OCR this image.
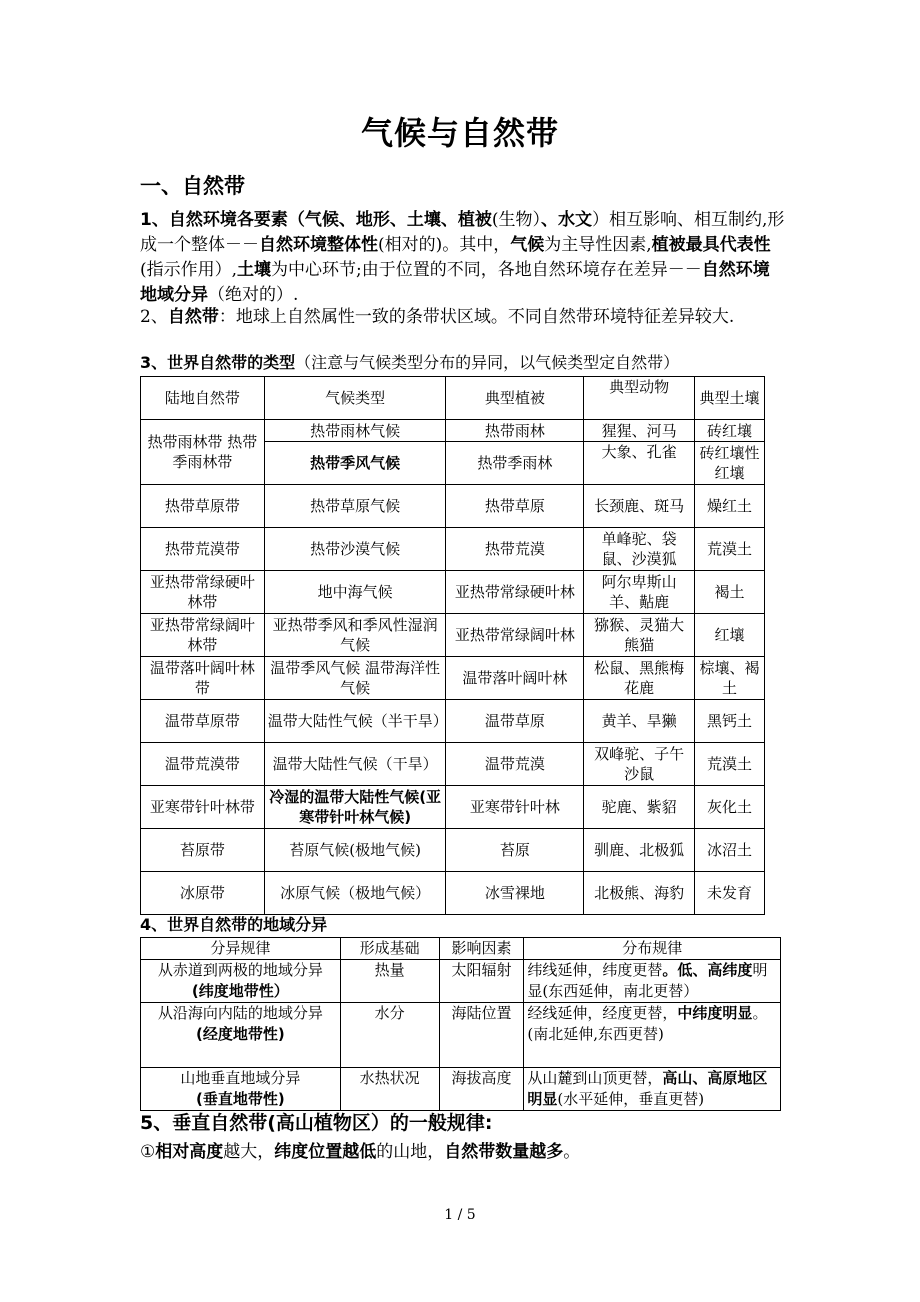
气候与自然带
一、自然带
1、自然环境各要素（气候、地形、土壤、植被(生物）、水文）相互影响、相互制约,形成一个整体－－自然环境整体性(相对的)。其中，气候为主导性因素,植被最具代表性(指示作用）,土壤为中心环节;由于位置的不同，各地自然环境存在差异－－自然环境地域分异（绝对的）.
2、自然带：地球上自然属性一致的条带状区域。不同自然带环境特征差异较大.
3、世界自然带的类型（注意与气候类型分布的异同，以气候类型定自然带）
陆地自然带	气候类型	典型植被	典型动物	典型土壤
热带雨林带 热带季雨林带	热带雨林气候	热带雨林	猩猩、河马	砖红壤
	热带季风气候	热带季雨林	大象、孔雀	砖红壤性红壤
热带草原带	热带草原气候	热带草原	长颈鹿、斑马	燥红土
热带荒漠带	热带沙漠气候	热带荒漠	单峰驼、袋鼠、沙漠狐	荒漠土
亚热带常绿硬叶林带	地中海气候	亚热带常绿硬叶林	阿尔卑斯山羊、黇鹿	褐土
亚热带常绿阔叶林带	亚热带季风和季风性湿润气候	亚热带常绿阔叶林	猕猴、灵猫大熊猫	红壤
温带落叶阔叶林带	温带季风气候 温带海洋性气候	温带落叶阔叶林	松鼠、黑熊梅花鹿	棕壤、褐土
温带草原带	温带大陆性气候（半干旱）	温带草原	黄羊、旱獭	黑钙土
温带荒漠带	温带大陆性气候（干旱）	温带荒漠	双峰驼、子午沙鼠	荒漠土
亚寒带针叶林带	冷湿的温带大陆性气候(亚寒带针叶林气候)	亚寒带针叶林	驼鹿、紫貂	灰化土
苔原带	苔原气候(极地气候)	苔原	驯鹿、北极狐	冰沼土
冰原带	冰原气候（极地气候）	冰雪裸地	北极熊、海豹	未发育
4、世界自然带的地域分异
分异规律	形成基础	影响因素	分布规律
从赤道到两极的地域分异
(纬度地带性）	热量	太阳辐射	纬线延伸，纬度更替。低、高纬度明显(东西延伸，南北更替）
从沿海向内陆的地域分异
(经度地带性)	水分	海陆位置	经线延伸，经度更替，中纬度明显。
(南北延伸,东西更替)
山地垂直地域分异
(垂直地带性)	水热状况	海拔高度	从山麓到山顶更替，高山、高原地区明显(水平延伸，垂直更替)
5、垂直自然带(高山植物区）的一般规律:
①相对高度越大，纬度位置越低的山地，自然带数量越多。
1 / 5
